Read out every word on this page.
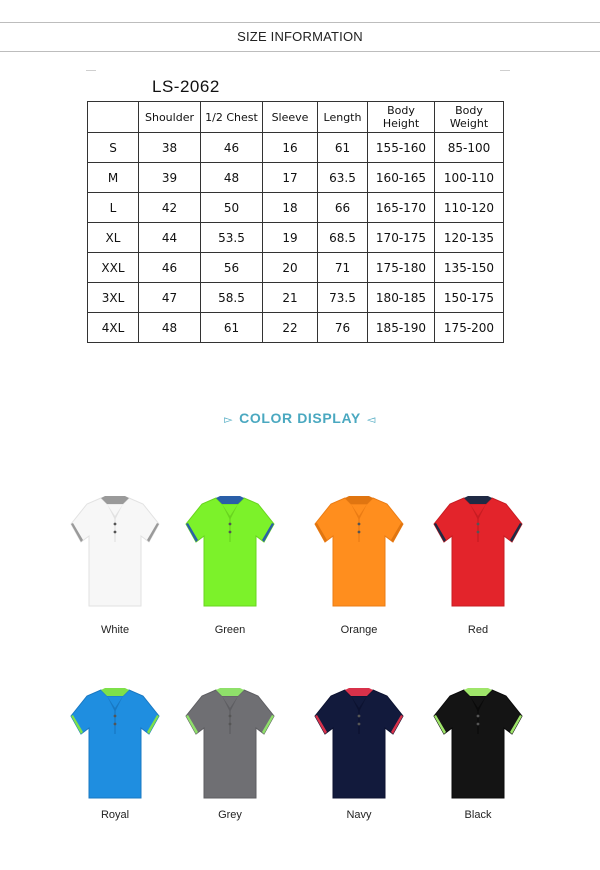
SIZE INFORMATION
LS-2062
	Shoulder	1/2 Chest	Sleeve	Length	Body Height	Body Weight
S	38	46	16	61	155-160	85-100
M	39	48	17	63.5	160-165	100-110
L	42	50	18	66	165-170	110-120
XL	44	53.5	19	68.5	170-175	120-135
XXL	46	56	20	71	175-180	135-150
3XL	47	58.5	21	73.5	180-185	150-175
4XL	48	61	22	76	185-190	175-200
▻ COLOR DISPLAY ◅
White	Green	Orange	Red
Royal	Grey	Navy	Black
